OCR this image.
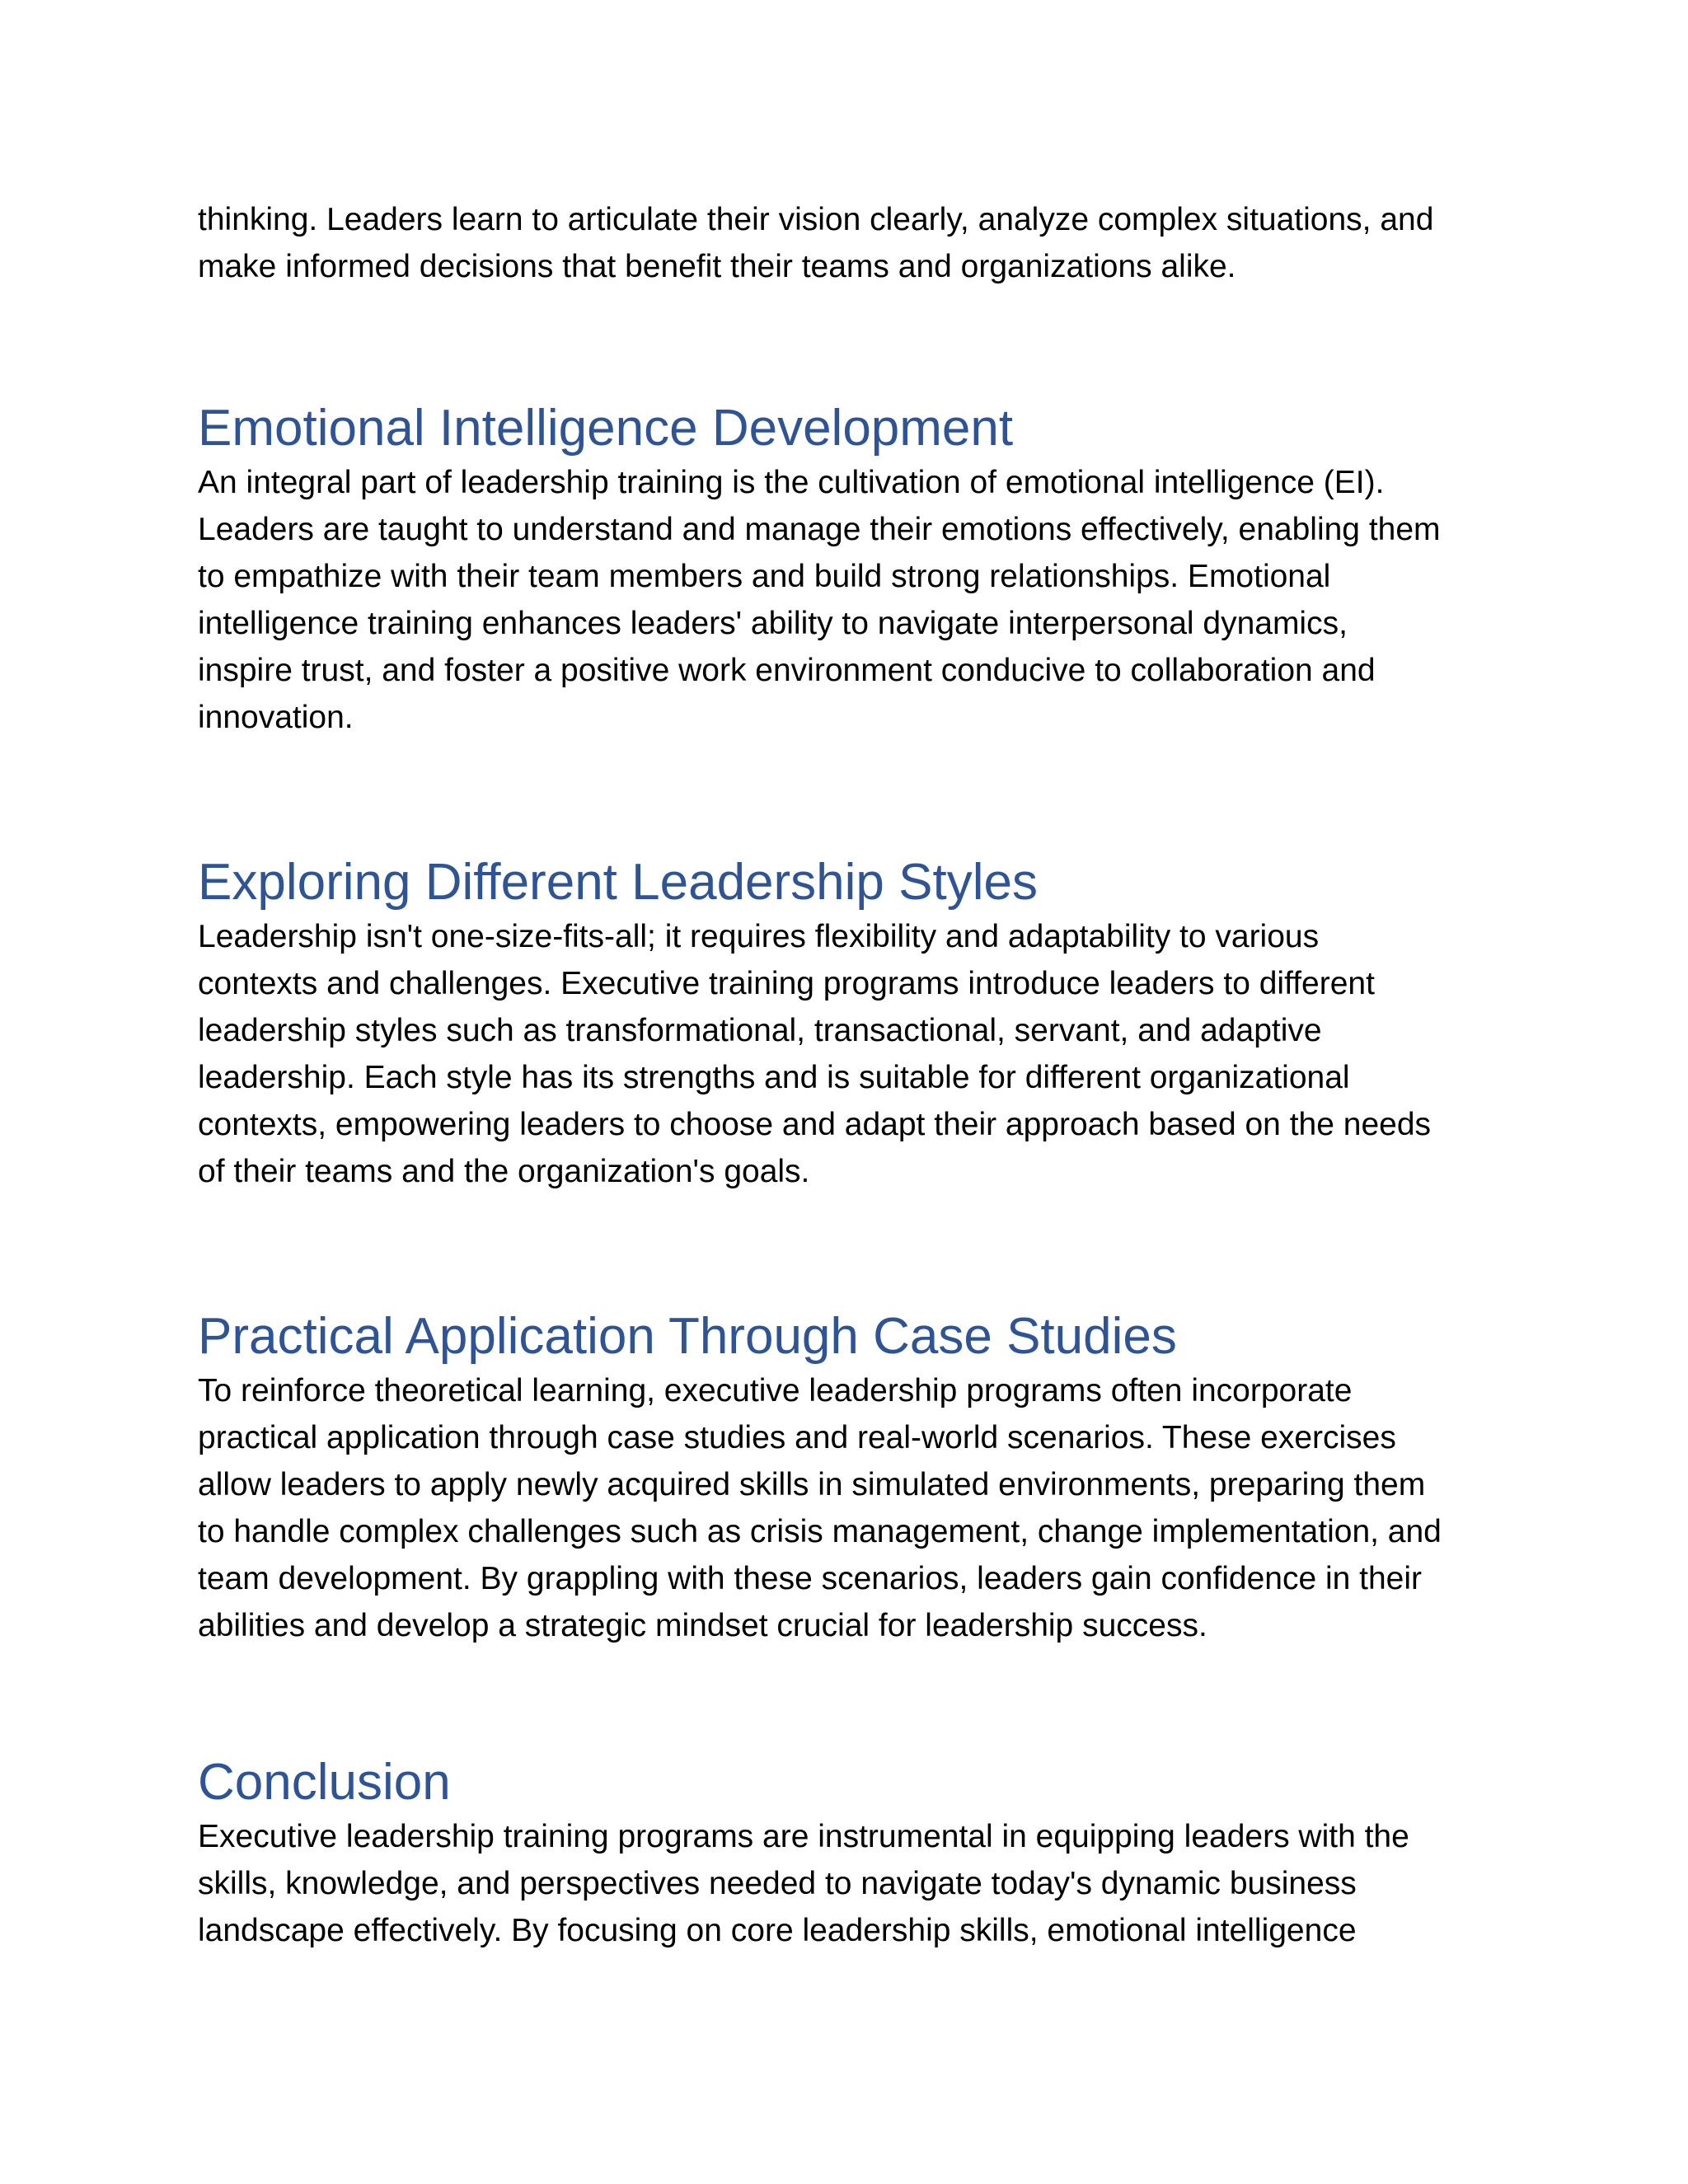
thinking. Leaders learn to articulate their vision clearly, analyze complex situations, and

make informed decisions that benefit their teams and organizations alike.

Emotional Intelligence Development

An integral part of leadership training is the cultivation of emotional intelligence (EI).

Leaders are taught to understand and manage their emotions effectively, enabling them

to empathize with their team members and build strong relationships. Emotional

intelligence training enhances leaders' ability to navigate interpersonal dynamics,

inspire trust, and foster a positive work environment conducive to collaboration and

innovation.

Exploring Different Leadership Styles

Leadership isn't one-size-fits-all; it requires flexibility and adaptability to various

contexts and challenges. Executive training programs introduce leaders to different

leadership styles such as transformational, transactional, servant, and adaptive

leadership. Each style has its strengths and is suitable for different organizational

contexts, empowering leaders to choose and adapt their approach based on the needs

of their teams and the organization's goals.

Practical Application Through Case Studies

To reinforce theoretical learning, executive leadership programs often incorporate

practical application through case studies and real-world scenarios. These exercises

allow leaders to apply newly acquired skills in simulated environments, preparing them

to handle complex challenges such as crisis management, change implementation, and

team development. By grappling with these scenarios, leaders gain confidence in their

abilities and develop a strategic mindset crucial for leadership success.

Conclusion

Executive leadership training programs are instrumental in equipping leaders with the

skills, knowledge, and perspectives needed to navigate today's dynamic business

landscape effectively. By focusing on core leadership skills, emotional intelligence
